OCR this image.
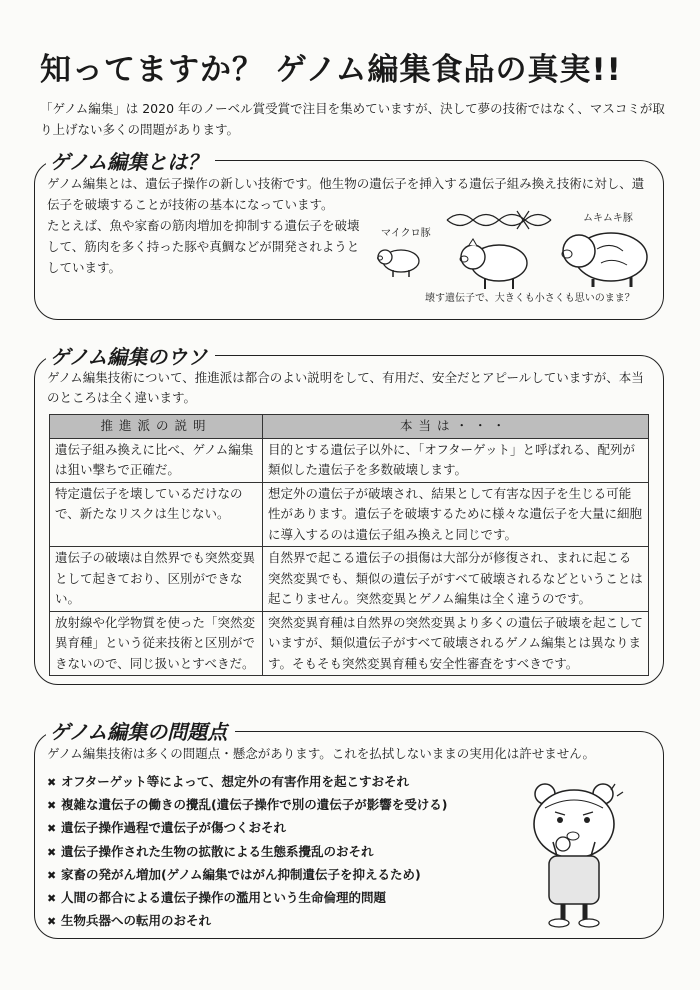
知ってますか？ ゲノム編集食品の真実!!
「ゲノム編集」は 2020 年のノーベル賞受賞で注目を集めていますが、決して夢の技術ではなく、マスコミが取り上げない多くの問題があります。
ゲノム編集とは？
ゲノム編集とは、遺伝子操作の新しい技術です。他生物の遺伝子を挿入する遺伝子組み換え技術に対し、遺伝子を破壊することが技術の基本になっています。
たとえば、魚や家畜の筋肉増加を抑制する遺伝子を破壊して、筋肉を多く持った豚や真鯛などが開発されようとしています。
マイクロ豚
ムキムキ豚
壊す遺伝子で、大きくも小さくも思いのまま？
ゲノム編集のウソ
ゲノム編集技術について、推進派は都合のよい説明をして、有用だ、安全だとアピールしていますが、本当のところは全く違います。
推進派の説明	本当は・・・
遺伝子組み換えに比べ、ゲノム編集は狙い撃ちで正確だ。	目的とする遺伝子以外に、「オフターゲット」と呼ばれる、配列が類似した遺伝子を多数破壊します。
特定遺伝子を壊しているだけなので、新たなリスクは生じない。	想定外の遺伝子が破壊され、結果として有害な因子を生じる可能性があります。遺伝子を破壊するために様々な遺伝子を大量に細胞に導入するのは遺伝子組み換えと同じです。
遺伝子の破壊は自然界でも突然変異として起きており、区別ができない。	自然界で起こる遺伝子の損傷は大部分が修復され、まれに起こる突然変異でも、類似の遺伝子がすべて破壊されるなどということは起こりません。突然変異とゲノム編集は全く違うのです。
放射線や化学物質を使った「突然変異育種」という従来技術と区別ができないので、同じ扱いとすべきだ。	突然変異育種は自然界の突然変異より多くの遺伝子破壊を起こしていますが、類似遺伝子がすべて破壊されるゲノム編集とは異なります。そもそも突然変異育種も安全性審査をすべきです。
ゲノム編集の問題点
ゲノム編集技術は多くの問題点・懸念があります。これを払拭しないままの実用化は許せません。
✖ オフターゲット等によって、想定外の有害作用を起こすおそれ
✖ 複雑な遺伝子の働きの攪乱(遺伝子操作で別の遺伝子が影響を受ける)
✖ 遺伝子操作過程で遺伝子が傷つくおそれ
✖ 遺伝子操作された生物の拡散による生態系攪乱のおそれ
✖ 家畜の発がん増加(ゲノム編集ではがん抑制遺伝子を抑えるため)
✖ 人間の都合による遺伝子操作の濫用という生命倫理的問題
✖ 生物兵器への転用のおそれ
